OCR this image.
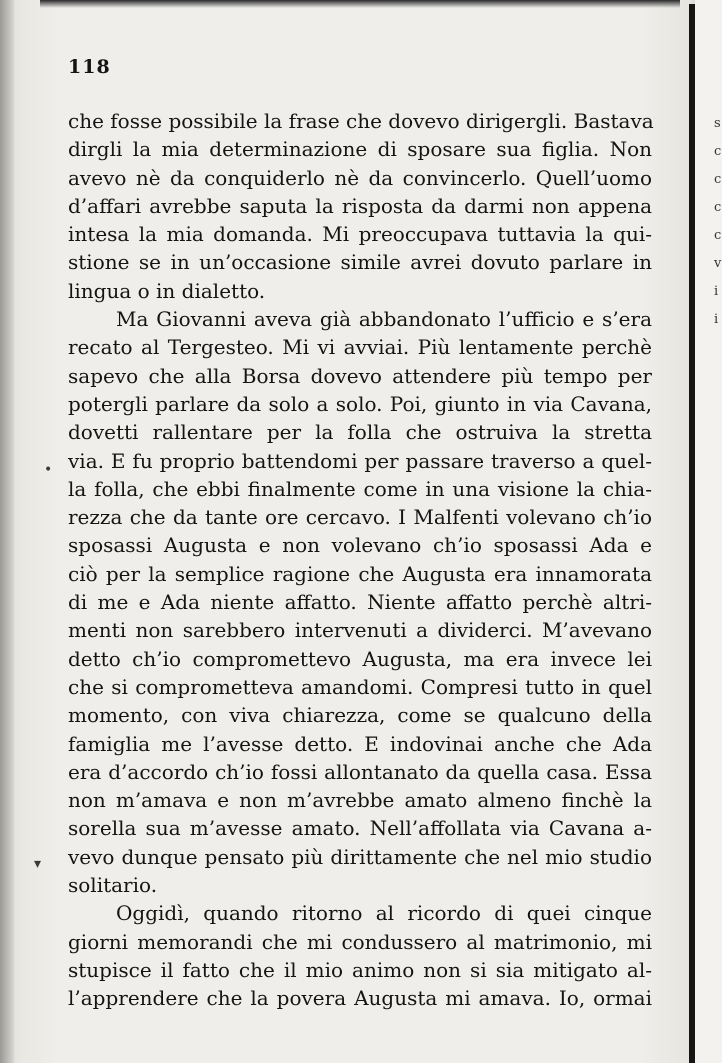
s
c
c
c
c
v
i
i
118
che fosse possibile la frase che dovevo dirigergli. Bastava
dirgli la mia determinazione di sposare sua figlia. Non
avevo nè da conquiderlo nè da convincerlo. Quell’uomo
d’affari avrebbe saputa la risposta da darmi non appena
intesa la mia domanda. Mi preoccupava tuttavia la qui-
stione se in un’occasione simile avrei dovuto parlare in
lingua o in dialetto.
Ma Giovanni aveva già abbandonato l’ufficio e s’era
recato al Tergesteo. Mi vi avviai. Più lentamente perchè
sapevo che alla Borsa dovevo attendere più tempo per
potergli parlare da solo a solo. Poi, giunto in via Cavana,
dovetti rallentare per la folla che ostruiva la stretta
via. E fu proprio battendomi per passare traverso a quel-
la folla, che ebbi finalmente come in una visione la chia-
rezza che da tante ore cercavo. I Malfenti volevano ch’io
sposassi Augusta e non volevano ch’io sposassi Ada e
ciò per la semplice ragione che Augusta era innamorata
di me e Ada niente affatto. Niente affatto perchè altri-
menti non sarebbero intervenuti a dividerci. M’avevano
detto ch’io compromettevo Augusta, ma era invece lei
che si comprometteva amandomi. Compresi tutto in quel
momento, con viva chiarezza, come se qualcuno della
famiglia me l’avesse detto. E indovinai anche che Ada
era d’accordo ch’io fossi allontanato da quella casa. Essa
non m’amava e non m’avrebbe amato almeno finchè la
sorella sua m’avesse amato. Nell’affollata via Cavana a-
vevo dunque pensato più dirittamente che nel mio studio
solitario.
Oggidì, quando ritorno al ricordo di quei cinque
giorni memorandi che mi condussero al matrimonio, mi
stupisce il fatto che il mio animo non si sia mitigato al-
l’apprendere che la povera Augusta mi amava. Io, ormai
•
▾
